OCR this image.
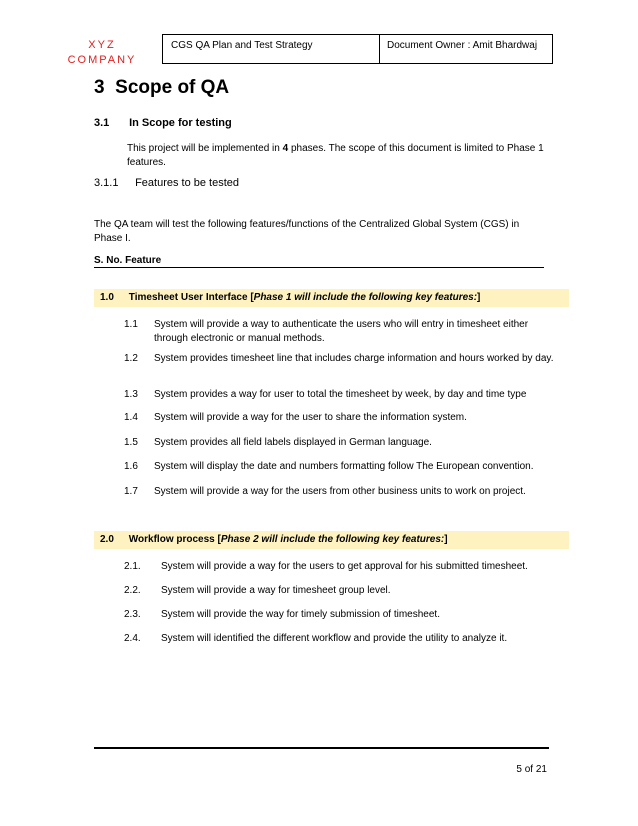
XYZ
COMPANY
CGS QA Plan and Test Strategy	Document Owner : Amit Bhardwaj
3 Scope of QA
3.1 In Scope for testing
This project will be implemented in 4 phases. The scope of this document is limited to Phase 1 features.
3.1.1 Features to be tested
The QA team will test the following features/functions of the Centralized Global System (CGS) in Phase I.
S. No. Feature
1.0 Timesheet User Interface [Phase 1 will include the following key features:]
1.1 System will provide a way to authenticate the users who will entry in timesheet either through electronic or manual methods.
1.2 System provides timesheet line that includes charge information and hours worked by day.
1.3 System provides a way for user to total the timesheet by week, by day and time type
1.4 System will provide a way for the user to share the information system.
1.5 System provides all field labels displayed in German language.
1.6 System will display the date and numbers formatting follow The European convention.
1.7 System will provide a way for the users from other business units to work on project.
2.0 Workflow process [Phase 2 will include the following key features:]
2.1. System will provide a way for the users to get approval for his submitted timesheet.
2.2. System will provide a way for timesheet group level.
2.3. System will provide the way for timely submission of timesheet.
2.4. System will identified the different workflow and provide the utility to analyze it.
5 of 21
